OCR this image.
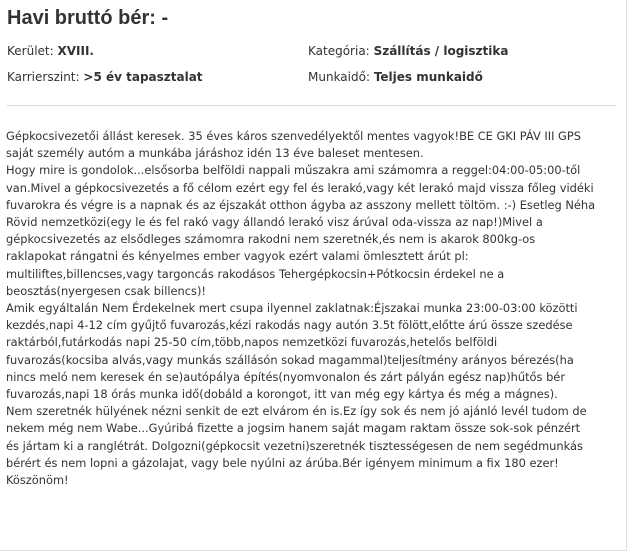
Havi bruttó bér: -
Kerület: XVIII.
Karrierszint: >5 év tapasztalat
Kategória: Szállítás / logisztika
Munkaidő: Teljes munkaidő
Gépkocsivezetői állást keresek. 35 éves káros szenvedélyektől mentes vagyok!BE CE GKI PÁV III GPS
saját személy autóm a munkába járáshoz idén 13 éve baleset mentesen.
Hogy mire is gondolok...elsősorba belföldi nappali műszakra ami számomra a reggel:04:00-05:00-től
van.Mivel a gépkocsivezetés a fő célom ezért egy fel és lerakó,vagy két lerakó majd vissza főleg vidéki
fuvarokra és végre is a napnak és az éjszakát otthon ágyba az asszony mellett töltöm. :-) Esetleg Néha
Rövid nemzetközi(egy le és fel rakó vagy állandó lerakó visz árúval oda-vissza az nap!)Mivel a
gépkocsivezetés az elsődleges számomra rakodni nem szeretnék,és nem is akarok 800kg-os
raklapokat rángatni és kényelmes ember vagyok ezért valami ömlesztett árút pl:
multiliftes,billencses,vagy targoncás rakodásos Tehergépkocsin+Pótkocsin érdekel ne a
beosztás(nyergesen csak billencs)!
Amik egyáltalán Nem Érdekelnek mert csupa ilyennel zaklatnak:Éjszakai munka 23:00-03:00 közötti
kezdés,napi 4-12 cím gyűjtő fuvarozás,kézi rakodás nagy autón 3.5t fölött,előtte árú össze szedése
raktárból,futárkodás napi 25-50 cím,több,napos nemzetközi fuvarozás,hetelős belföldi
fuvarozás(kocsiba alvás,vagy munkás szállásón sokad magammal)teljesítmény arányos bérezés(ha
nincs meló nem keresek én se)autópálya építés(nyomvonalon és zárt pályán egész nap)hűtős bér
fuvarozás,napi 18 órás munka idő(dobáld a korongot, itt van még egy kártya és még a mágnes).
Nem szeretnék hülyének nézni senkit de ezt elvárom én is.Ez így sok és nem jó ajánló levél tudom de
nekem még nem Wabe...Gyúribá fizette a jogsim hanem saját magam raktam össze sok-sok pénzért
és jártam ki a ranglétrát. Dolgozni(gépkocsit vezetni)szeretnék tisztességesen de nem segédmunkás
bérért és nem lopni a gázolajat, vagy bele nyúlni az árúba.Bér igényem minimum a fix 180 ezer!
Köszönöm!
